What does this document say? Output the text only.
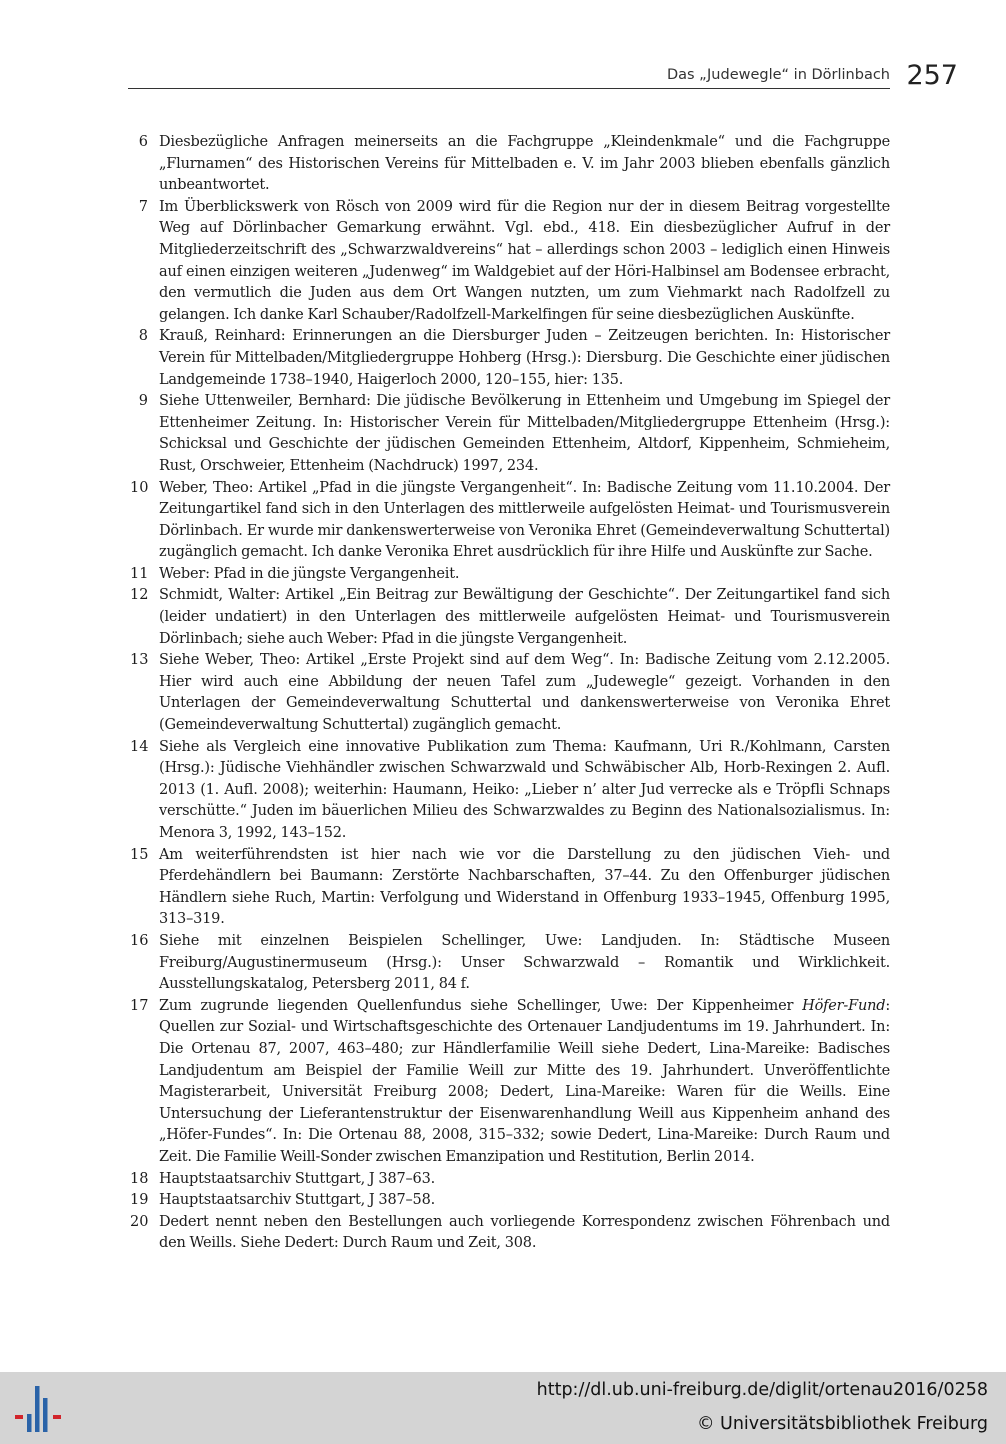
Das „Judewegle“ in Dörlinbach 257
6 Diesbezügliche Anfragen meinerseits an die Fachgruppe „Kleindenkmale“ und die Fachgruppe „Flurnamen“ des Historischen Vereins für Mittelbaden e. V. im Jahr 2003 blieben ebenfalls gänzlich unbeantwortet.
7 Im Überblickswerk von Rösch von 2009 wird für die Region nur der in diesem Beitrag vorgestellte Weg auf Dörlinbacher Gemarkung erwähnt. Vgl. ebd., 418. Ein diesbezüglicher Aufruf in der Mitgliederzeitschrift des „Schwarzwaldvereins“ hat – allerdings schon 2003 – lediglich einen Hinweis auf einen einzigen weiteren „Judenweg“ im Waldgebiet auf der Höri-Halbinsel am Bodensee erbracht, den vermutlich die Juden aus dem Ort Wangen nutzten, um zum Viehmarkt nach Radolfzell zu gelangen. Ich danke Karl Schauber/Radolfzell-Markelfingen für seine diesbezüglichen Auskünfte.
8 Krauß, Reinhard: Erinnerungen an die Diersburger Juden – Zeitzeugen berichten. In: Historischer Verein für Mittelbaden/Mitgliedergruppe Hohberg (Hrsg.): Diersburg. Die Geschichte einer jüdischen Landgemeinde 1738–1940, Haigerloch 2000, 120–155, hier: 135.
9 Siehe Uttenweiler, Bernhard: Die jüdische Bevölkerung in Ettenheim und Umgebung im Spiegel der Ettenheimer Zeitung. In: Historischer Verein für Mittelbaden/Mitgliedergruppe Ettenheim (Hrsg.): Schicksal und Geschichte der jüdischen Gemeinden Ettenheim, Altdorf, Kippenheim, Schmieheim, Rust, Orschweier, Ettenheim (Nachdruck) 1997, 234.
10 Weber, Theo: Artikel „Pfad in die jüngste Vergangenheit“. In: Badische Zeitung vom 11.10.2004. Der Zeitungartikel fand sich in den Unterlagen des mittlerweile aufgelösten Heimat- und Tourismusverein Dörlinbach. Er wurde mir dankenswerterweise von Veronika Ehret (Gemeindeverwaltung Schuttertal) zugänglich gemacht. Ich danke Veronika Ehret ausdrücklich für ihre Hilfe und Auskünfte zur Sache.
11 Weber: Pfad in die jüngste Vergangenheit.
12 Schmidt, Walter: Artikel „Ein Beitrag zur Bewältigung der Geschichte“. Der Zeitungartikel fand sich (leider undatiert) in den Unterlagen des mittlerweile aufgelösten Heimat- und Tourismusverein Dörlinbach; siehe auch Weber: Pfad in die jüngste Vergangenheit.
13 Siehe Weber, Theo: Artikel „Erste Projekt sind auf dem Weg“. In: Badische Zeitung vom 2.12.2005. Hier wird auch eine Abbildung der neuen Tafel zum „Judewegle“ gezeigt. Vorhanden in den Unterlagen der Gemeindeverwaltung Schuttertal und dankenswerterweise von Veronika Ehret (Gemeindeverwaltung Schuttertal) zugänglich gemacht.
14 Siehe als Vergleich eine innovative Publikation zum Thema: Kaufmann, Uri R./Kohlmann, Carsten (Hrsg.): Jüdische Viehhändler zwischen Schwarzwald und Schwäbischer Alb, Horb-Rexingen 2. Aufl. 2013 (1. Aufl. 2008); weiterhin: Haumann, Heiko: „Lieber n’ alter Jud verrecke als e Tröpfli Schnaps verschütte.“ Juden im bäuerlichen Milieu des Schwarzwaldes zu Beginn des Nationalsozialismus. In: Menora 3, 1992, 143–152.
15 Am weiterführendsten ist hier nach wie vor die Darstellung zu den jüdischen Vieh- und Pferdehändlern bei Baumann: Zerstörte Nachbarschaften, 37–44. Zu den Offenburger jüdischen Händlern siehe Ruch, Martin: Verfolgung und Widerstand in Offenburg 1933–1945, Offenburg 1995, 313–319.
16 Siehe mit einzelnen Beispielen Schellinger, Uwe: Landjuden. In: Städtische Museen Freiburg/Augustinermuseum (Hrsg.): Unser Schwarzwald – Romantik und Wirklichkeit. Ausstellungskatalog, Petersberg 2011, 84 f.
17 Zum zugrunde liegenden Quellenfundus siehe Schellinger, Uwe: Der Kippenheimer Höfer-Fund: Quellen zur Sozial- und Wirtschaftsgeschichte des Ortenauer Landjudentums im 19. Jahrhundert. In: Die Ortenau 87, 2007, 463–480; zur Händlerfamilie Weill siehe Dedert, Lina-Mareike: Badisches Landjudentum am Beispiel der Familie Weill zur Mitte des 19. Jahrhundert. Unveröffentlichte Magisterarbeit, Universität Freiburg 2008; Dedert, Lina-Mareike: Waren für die Weills. Eine Untersuchung der Lieferantenstruktur der Eisenwarenhandlung Weill aus Kippenheim anhand des „Höfer-Fundes“. In: Die Ortenau 88, 2008, 315–332; sowie Dedert, Lina-Mareike: Durch Raum und Zeit. Die Familie Weill-Sonder zwischen Emanzipation und Restitution, Berlin 2014.
18 Hauptstaatsarchiv Stuttgart, J 387–63.
19 Hauptstaatsarchiv Stuttgart, J 387–58.
20 Dedert nennt neben den Bestellungen auch vorliegende Korrespondenz zwischen Föhrenbach und den Weills. Siehe Dedert: Durch Raum und Zeit, 308.
http://dl.ub.uni-freiburg.de/diglit/ortenau2016/0258
© Universitätsbibliothek Freiburg
